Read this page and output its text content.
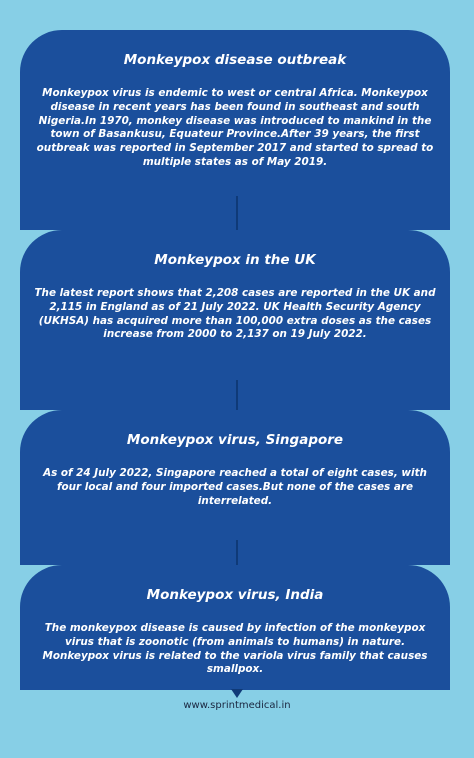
Monkeypox disease outbreak
Monkeypox virus is endemic to west or central Africa. Monkeypox disease in recent years has been found in southeast and south Nigeria.In 1970, monkey disease was introduced to mankind in the town of Basankusu, Equateur Province.After 39 years, the first outbreak was reported in September 2017 and started to spread to multiple states as of May 2019.
Monkeypox in the UK
The latest report shows that 2,208 cases are reported in the UK and 2,115 in England as of 21 July 2022. UK Health Security Agency (UKHSA) has acquired more than 100,000 extra doses as the cases increase from 2000 to 2,137 on 19 July 2022.
Monkeypox virus, Singapore
As of 24 July 2022, Singapore reached a total of eight cases, with four local and four imported cases.But none of the cases are interrelated.
Monkeypox virus, India
The monkeypox disease is caused by infection of the monkeypox virus that is zoonotic (from animals to humans) in nature. Monkeypox virus is related to the variola virus family that causes smallpox.
www.sprintmedical.in
